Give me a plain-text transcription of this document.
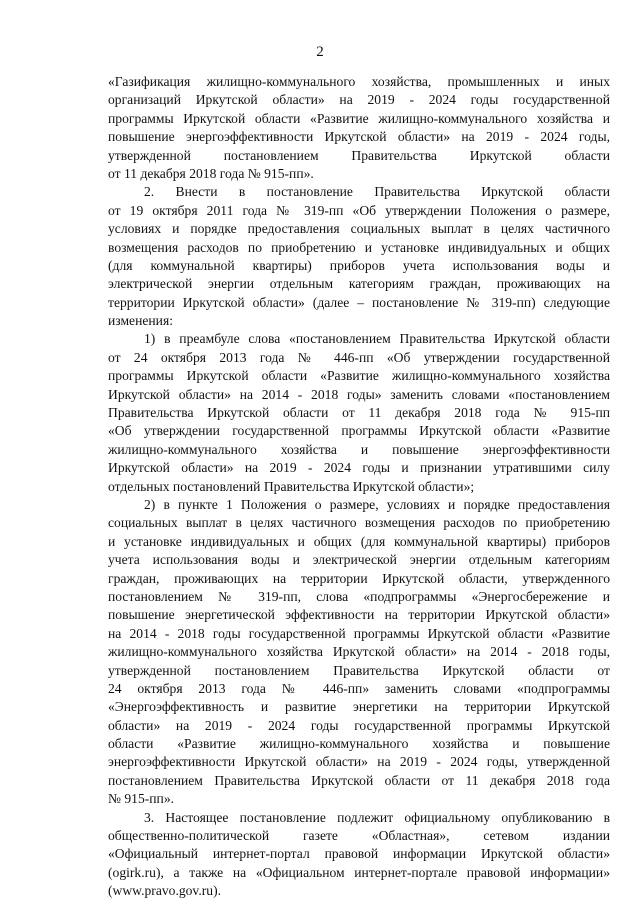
2
«Газификация жилищно-коммунального хозяйства, промышленных и иных
организаций Иркутской области» на 2019 - 2024 годы государственной
программы Иркутской области «Развитие жилищно-коммунального хозяйства и
повышение энергоэффективности Иркутской области» на 2019 - 2024 годы,
утвержденной постановлением Правительства Иркутской области
от 11 декабря 2018 года № 915-пп».
2. Внести в постановление Правительства Иркутской области
от 19 октября 2011 года № 319-пп «Об утверждении Положения о размере,
условиях и порядке предоставления социальных выплат в целях частичного
возмещения расходов по приобретению и установке индивидуальных и общих
(для коммунальной квартиры) приборов учета использования воды и
электрической энергии отдельным категориям граждан, проживающих на
территории Иркутской области» (далее – постановление № 319-пп) следующие
изменения:
1) в преамбуле слова «постановлением Правительства Иркутской области
от 24 октября 2013 года № 446-пп «Об утверждении государственной
программы Иркутской области «Развитие жилищно-коммунального хозяйства
Иркутской области» на 2014 - 2018 годы» заменить словами «постановлением
Правительства Иркутской области от 11 декабря 2018 года № 915-пп
«Об утверждении государственной программы Иркутской области «Развитие
жилищно-коммунального хозяйства и повышение энергоэффективности
Иркутской области» на 2019 - 2024 годы и признании утратившими силу
отдельных постановлений Правительства Иркутской области»;
2) в пункте 1 Положения о размере, условиях и порядке предоставления
социальных выплат в целях частичного возмещения расходов по приобретению
и установке индивидуальных и общих (для коммунальной квартиры) приборов
учета использования воды и электрической энергии отдельным категориям
граждан, проживающих на территории Иркутской области, утвержденного
постановлением № 319-пп, слова «подпрограммы «Энергосбережение и
повышение энергетической эффективности на территории Иркутской области»
на 2014 - 2018 годы государственной программы Иркутской области «Развитие
жилищно-коммунального хозяйства Иркутской области» на 2014 - 2018 годы,
утвержденной постановлением Правительства Иркутской области от
24 октября 2013 года № 446-пп» заменить словами «подпрограммы
«Энергоэффективность и развитие энергетики на территории Иркутской
области» на 2019 - 2024 годы государственной программы Иркутской
области «Развитие жилищно-коммунального хозяйства и повышение
энергоэффективности Иркутской области» на 2019 - 2024 годы, утвержденной
постановлением Правительства Иркутской области от 11 декабря 2018 года
№ 915-пп».
3. Настоящее постановление подлежит официальному опубликованию в
общественно-политической газете «Областная», сетевом издании
«Официальный интернет-портал правовой информации Иркутской области»
(ogirk.ru), а также на «Официальном интернет-портале правовой информации»
(www.pravo.gov.ru).
